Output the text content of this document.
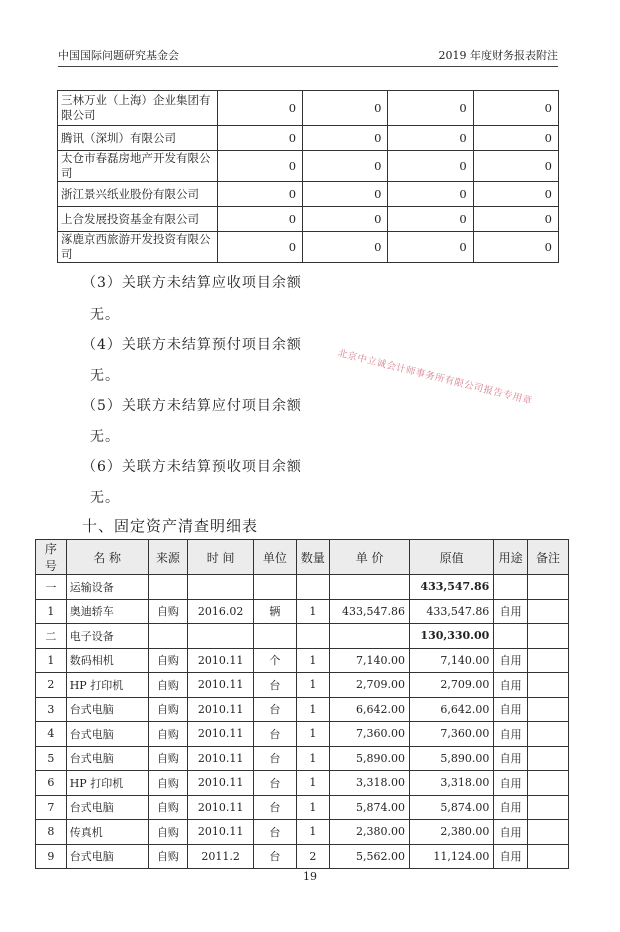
中国国际问题研究基金会	2019 年度财务报表附注
三林万业（上海）企业集团有限公司	0	0	0	0
腾讯（深圳）有限公司	0	0	0	0
太仓市春磊房地产开发有限公司	0	0	0	0
浙江景兴纸业股份有限公司	0	0	0	0
上合发展投资基金有限公司	0	0	0	0
涿鹿京西旅游开发投资有限公司	0	0	0	0
（3）关联方未结算应收项目余额
无。
（4）关联方未结算预付项目余额
无。
（5）关联方未结算应付项目余额
无。
（6）关联方未结算预收项目余额
无。
北京中立诚会计师事务所有限公司报告专用章
十、固定资产清查明细表
序号	名 称	来源	时 间	单位	数量	单 价	原值	用途	备注
一	运输设备						433,547.86		
1	奥迪轿车	自购	2016.02	辆	1	433,547.86	433,547.86	自用	
二	电子设备						130,330.00		
1	数码相机	自购	2010.11	个	1	7,140.00	7,140.00	自用	
2	HP 打印机	自购	2010.11	台	1	2,709.00	2,709.00	自用	
3	台式电脑	自购	2010.11	台	1	6,642.00	6,642.00	自用	
4	台式电脑	自购	2010.11	台	1	7,360.00	7,360.00	自用	
5	台式电脑	自购	2010.11	台	1	5,890.00	5,890.00	自用	
6	HP 打印机	自购	2010.11	台	1	3,318.00	3,318.00	自用	
7	台式电脑	自购	2010.11	台	1	5,874.00	5,874.00	自用	
8	传真机	自购	2010.11	台	1	2,380.00	2,380.00	自用	
9	台式电脑	自购	2011.2	台	2	5,562.00	11,124.00	自用	
19
